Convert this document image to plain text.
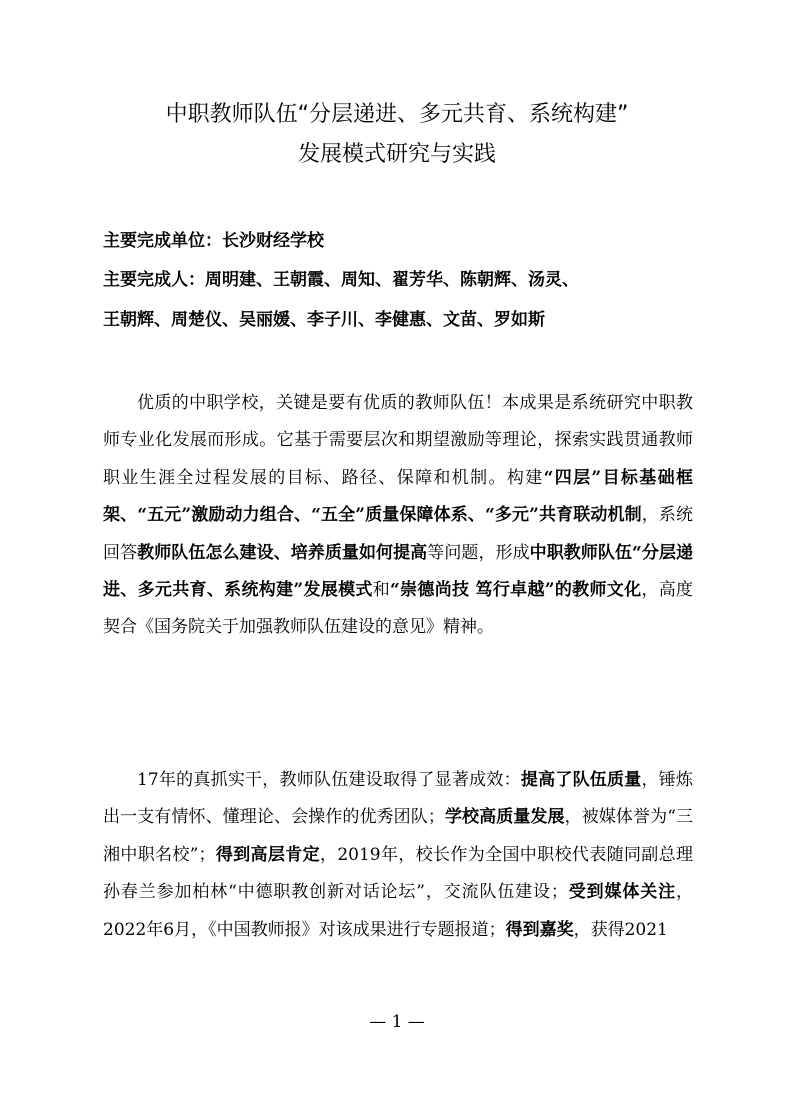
中职教师队伍“分层递进、多元共育、系统构建”
发展模式研究与实践
主要完成单位：长沙财经学校
主要完成人：周明建、王朝霞、周知、翟芳华、陈朝辉、汤灵、
王朝辉、周楚仪、吴丽媛、李子川、李健惠、文苗、罗如斯

优质的中职学校，关键是要有优质的教师队伍！本成果是系统研究中职教师专业化发展而形成。它基于需要层次和期望激励等理论，探索实践贯通教师职业生涯全过程发展的目标、路径、保障和机制。构建“四层”目标基础框架、“五元”激励动力组合、“五全”质量保障体系、“多元”共育联动机制，系统回答教师队伍怎么建设、培养质量如何提高等问题，形成中职教师队伍“分层递进、多元共育、系统构建”发展模式和“崇德尚技 笃行卓越”的教师文化，高度契合《国务院关于加强教师队伍建设的意见》精神。

17年的真抓实干，教师队伍建设取得了显著成效：提高了队伍质量，锤炼出一支有情怀、懂理论、会操作的优秀团队；学校高质量发展，被媒体誉为“三湘中职名校”；得到高层肯定，2019年，校长作为全国中职校代表随同副总理孙春兰参加柏林“中德职教创新对话论坛”，交流队伍建设；受到媒体关注，2022年6月，《中国教师报》对该成果进行专题报道；得到嘉奖，获得2021

— 1 —
